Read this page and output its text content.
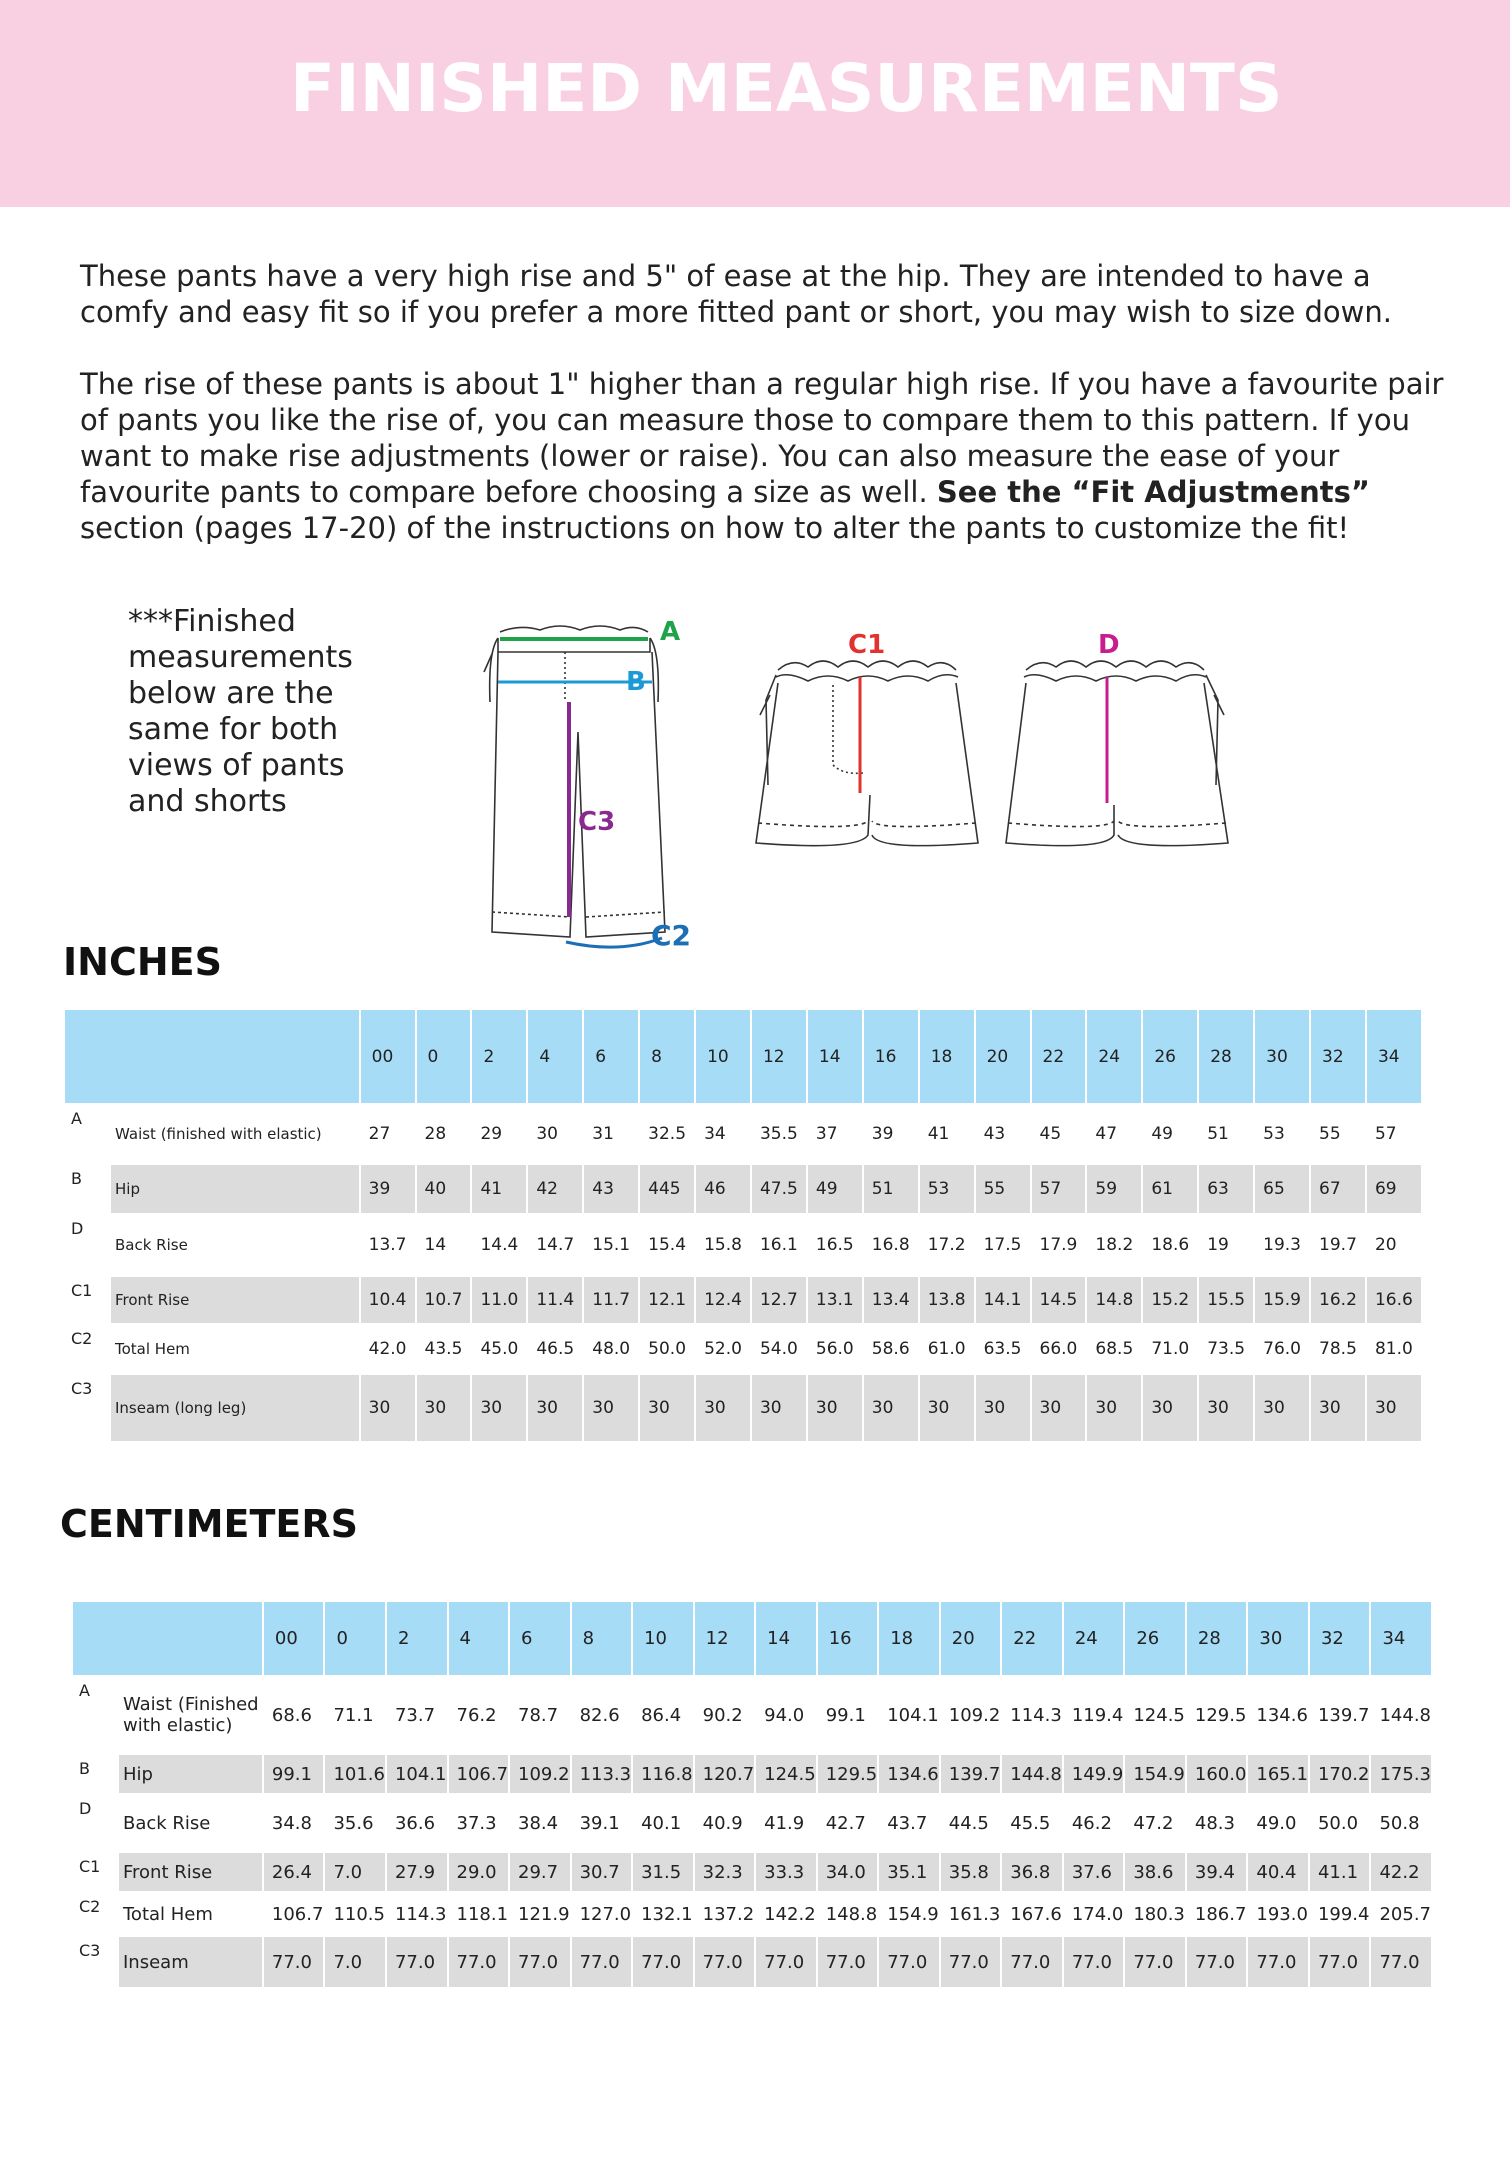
FINISHED MEASUREMENTS

These pants have a very high rise and 5" of ease at the hip. They are intended to have a comfy and easy fit so if you prefer a more fitted pant or short, you may wish to size down.

The rise of these pants is about 1" higher than a regular high rise. If you have a favourite pair of pants you like the rise of, you can measure those to compare them to this pattern. If you want to make rise adjustments (lower or raise). You can also measure the ease of your favourite pants to compare before choosing a size as well. See the “Fit Adjustments” section (pages 17-20) of the instructions on how to alter the pants to customize the fit!

***Finished measurements below are the same for both views of pants and shorts

A
B
C3
C2
C1	D
INCHES
		00	0	2	4	6	8	10	12	14	16	18	20	22	24	26	28	30	32	34
A	Waist (finished with elastic)	27	28	29	30	31	32.5	34	35.5	37	39	41	43	45	47	49	51	53	55	57
B	Hip	39	40	41	42	43	445	46	47.5	49	51	53	55	57	59	61	63	65	67	69
D	Back Rise	13.7	14	14.4	14.7	15.1	15.4	15.8	16.1	16.5	16.8	17.2	17.5	17.9	18.2	18.6	19	19.3	19.7	20
C1	Front Rise	10.4	10.7	11.0	11.4	11.7	12.1	12.4	12.7	13.1	13.4	13.8	14.1	14.5	14.8	15.2	15.5	15.9	16.2	16.6
C2	Total Hem	42.0	43.5	45.0	46.5	48.0	50.0	52.0	54.0	56.0	58.6	61.0	63.5	66.0	68.5	71.0	73.5	76.0	78.5	81.0
C3	Inseam (long leg)	30	30	30	30	30	30	30	30	30	30	30	30	30	30	30	30	30	30	30
CENTIMETERS
		00	0	2	4	6	8	10	12	14	16	18	20	22	24	26	28	30	32	34
A	Waist (Finished with elastic)	68.6	71.1	73.7	76.2	78.7	82.6	86.4	90.2	94.0	99.1	104.1	109.2	114.3	119.4	124.5	129.5	134.6	139.7	144.8
B	Hip	99.1	101.6	104.1	106.7	109.2	113.3	116.8	120.7	124.5	129.5	134.6	139.7	144.8	149.9	154.9	160.0	165.1	170.2	175.3
D	Back Rise	34.8	35.6	36.6	37.3	38.4	39.1	40.1	40.9	41.9	42.7	43.7	44.5	45.5	46.2	47.2	48.3	49.0	50.0	50.8
C1	Front Rise	26.4	7.0	27.9	29.0	29.7	30.7	31.5	32.3	33.3	34.0	35.1	35.8	36.8	37.6	38.6	39.4	40.4	41.1	42.2
C2	Total Hem	106.7	110.5	114.3	118.1	121.9	127.0	132.1	137.2	142.2	148.8	154.9	161.3	167.6	174.0	180.3	186.7	193.0	199.4	205.7
C3	Inseam	77.0	7.0	77.0	77.0	77.0	77.0	77.0	77.0	77.0	77.0	77.0	77.0	77.0	77.0	77.0	77.0	77.0	77.0	77.0
